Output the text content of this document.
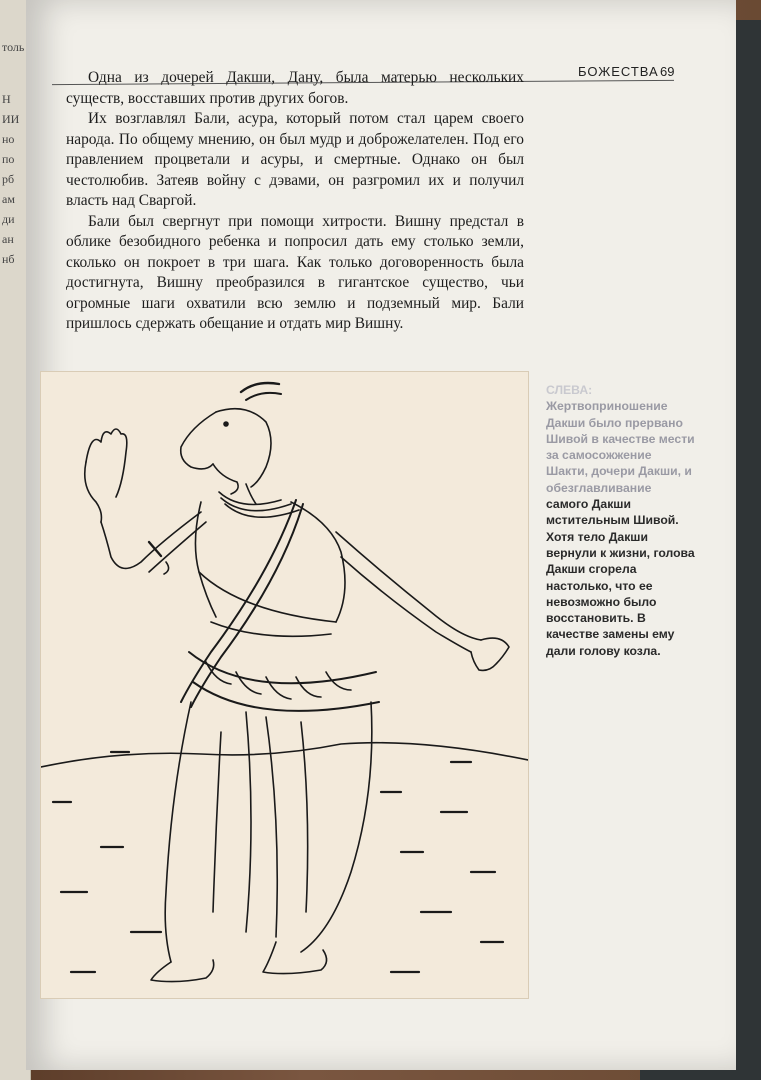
толь
Н
ИИ
но
по
рб
ам
ди
ан
нб
БОЖЕСТВА 69

Одна из дочерей Дакши, Дану, была матерью нескольких существ, восставших против других богов.

Их возглавлял Бали, асура, который потом стал царем своего народа. По общему мнению, он был мудр и доброжелателен. Под его правлением процветали и асуры, и смертные. Однако он был честолюбив. Затеяв войну с дэвами, он разгромил их и получил власть над Сваргой.

Бали был свергнут при помощи хитрости. Вишну предстал в облике безобидного ребенка и попросил дать ему столько земли, сколько он покроет в три шага. Как только договоренность была достигнута, Вишну преобразился в гигантское существо, чьи огромные шаги охватили всю землю и подземный мир. Бали пришлось сдержать обещание и отдать мир Вишну.

СЛЕВА: Жертвоприношение Дакши было прервано Шивой в качестве мести за самосожжение Шакти, дочери Дакши, и обезглавливание самого Дакши мстительным Шивой. Хотя тело Дакши вернули к жизни, голова Дакши сгорела настолько, что ее невозможно было восстановить. В качестве замены ему дали голову козла.
